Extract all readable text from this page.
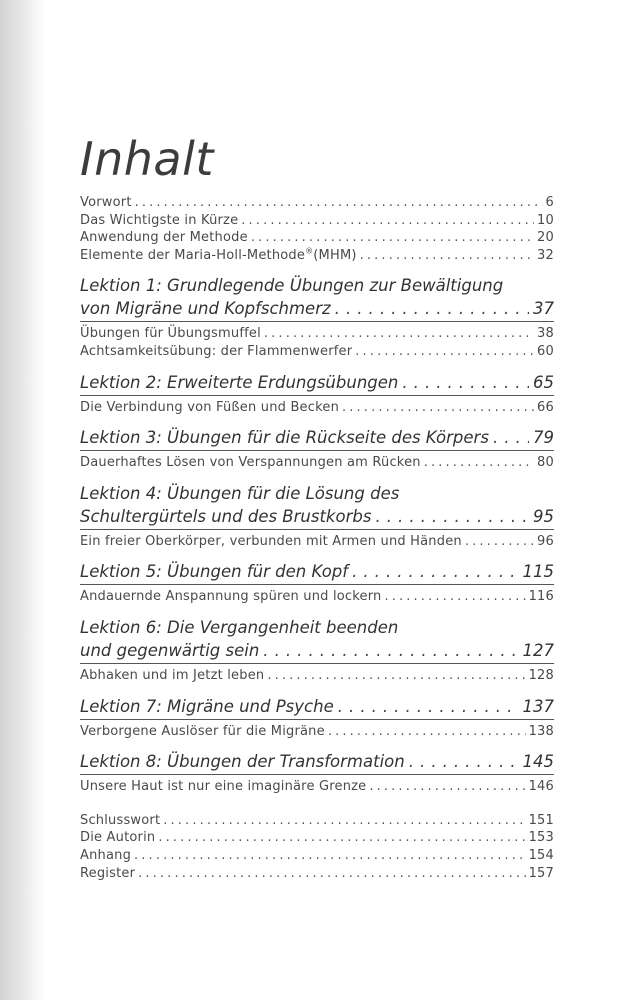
Inhalt
Vorwort . . .	6
Das Wichtigste in Kürze . . .	10
Anwendung der Methode . . .	20
Elemente der Maria-Holl-Methode®(MHM) . . .	32
Lektion 1: Grundlegende Übungen zur Bewältigung
von Migräne und Kopfschmerz . . .	37
Übungen für Übungsmuffel . . .	38
Achtsamkeitsübung: der Flammenwerfer . . .	60
Lektion 2: Erweiterte Erdungsübungen . . .	65
Die Verbindung von Füßen und Becken . . .	66
Lektion 3: Übungen für die Rückseite des Körpers . . .	79
Dauerhaftes Lösen von Verspannungen am Rücken . . .	80
Lektion 4: Übungen für die Lösung des
Schultergürtels und des Brustkorbs . . .	95
Ein freier Oberkörper, verbunden mit Armen und Händen . . .	96
Lektion 5: Übungen für den Kopf . . .	115
Andauernde Anspannung spüren und lockern . . .	116
Lektion 6: Die Vergangenheit beenden
und gegenwärtig sein . . .	127
Abhaken und im Jetzt leben . . .	128
Lektion 7: Migräne und Psyche . . .	137
Verborgene Auslöser für die Migräne . . .	138
Lektion 8: Übungen der Transformation . . .	145
Unsere Haut ist nur eine imaginäre Grenze . . .	146
Schlusswort . . .	151
Die Autorin . . .	153
Anhang . . .	154
Register . . .	157
